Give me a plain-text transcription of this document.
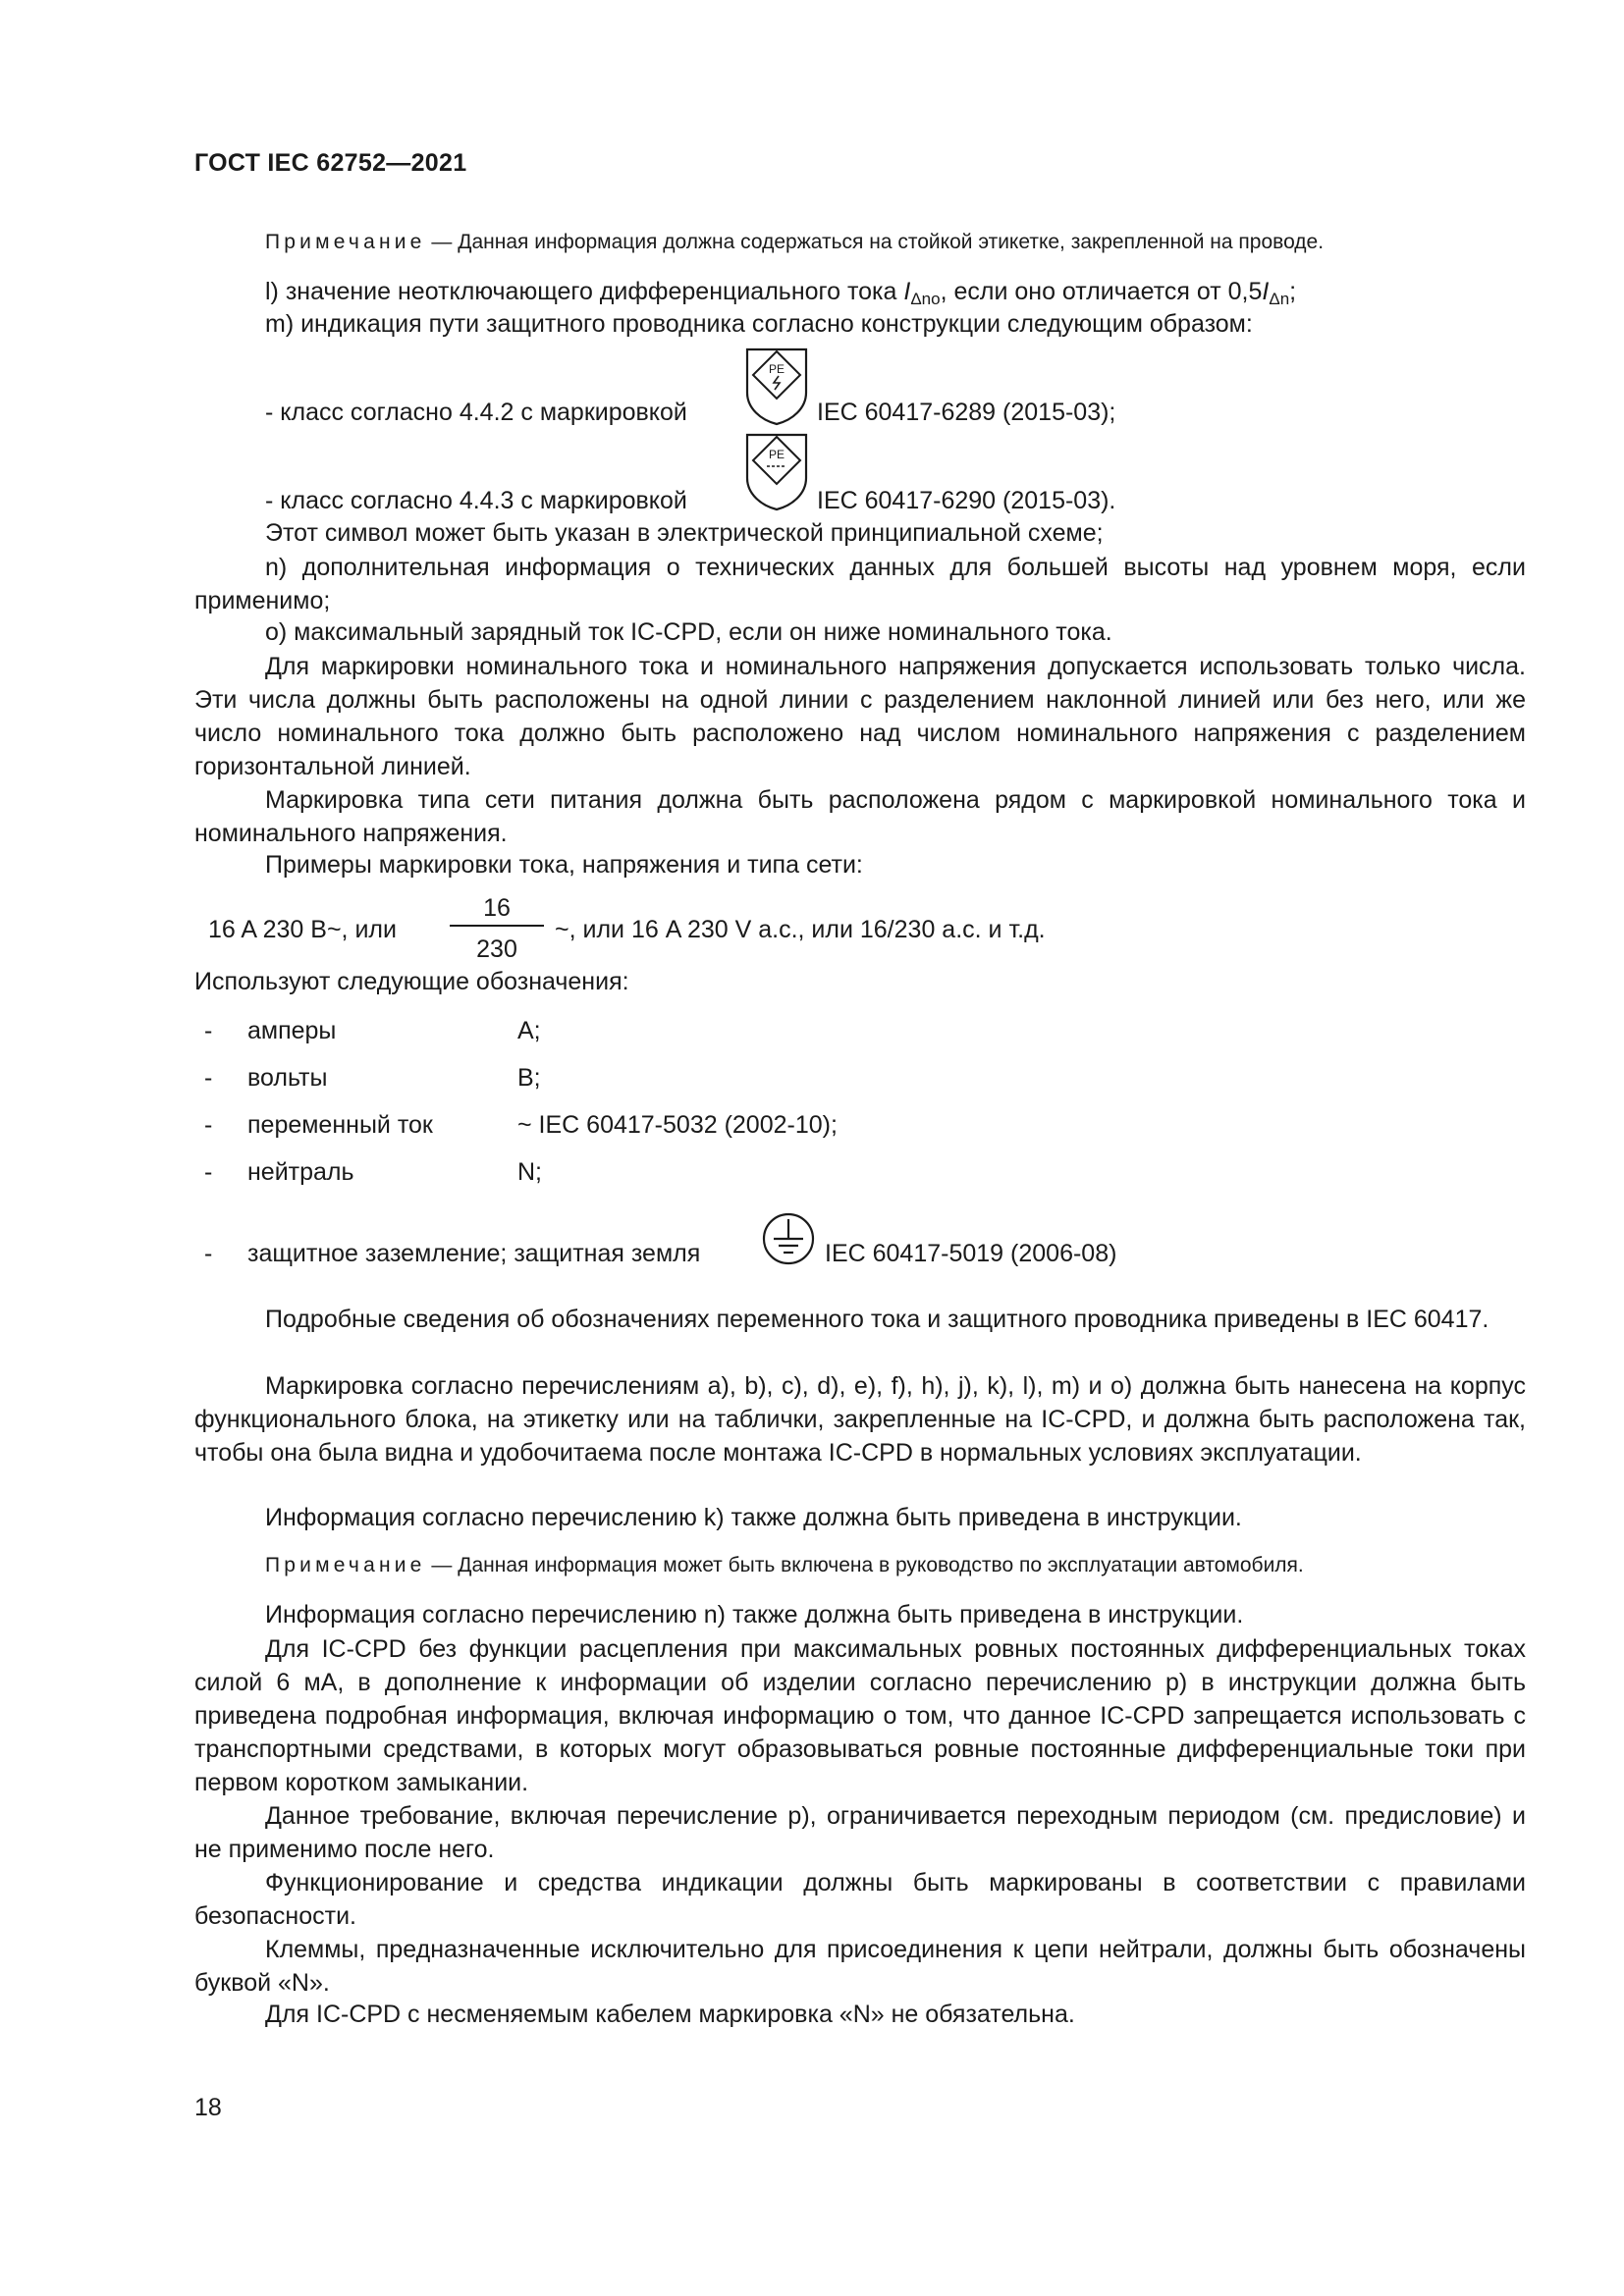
ГОСТ IEC 62752—2021
Примечание — Данная информация должна содержаться на стойкой этикетке, закрепленной на проводе.
l) значение неотключающего дифференциального тока $I_{\Delta no}$, если оно отличается от $0,5I_{\Delta n}$;
m) индикация пути защитного проводника согласно конструкции следующим образом:
- класс согласно 4.4.2 с маркировкой
PE
IEC 60417-6289 (2015-03);
- класс согласно 4.4.3 с маркировкой
PE
IEC 60417-6290 (2015-03).
Этот символ может быть указан в электрической принципиальной схеме;
n) дополнительная информация о технических данных для большей высоты над уровнем моря, если применимо;
o) максимальный зарядный ток IC-CPD, если он ниже номинального тока.
Для маркировки номинального тока и номинального напряжения допускается использовать только числа. Эти числа должны быть расположены на одной линии с разделением наклонной линией или без него, или же число номинального тока должно быть расположено над числом номинального напряжения с разделением горизонтальной линией.
Маркировка типа сети питания должна быть расположена рядом с маркировкой номинального тока и номинального напряжения.
Примеры маркировки тока, напряжения и типа сети:
16 A 230 B~, или
16
230
~, или 16 A 230 V a.c., или 16/230 a.c. и т.д.
Используют следующие обозначения:
- амперы	A;
- вольты	B;
- переменный ток	~ IEC 60417-5032 (2002-10);
- нейтраль	N;
- защитное заземление; защитная земля	IEC 60417-5019 (2006-08)
Подробные сведения об обозначениях переменного тока и защитного проводника приведены в IEC 60417.
Маркировка согласно перечислениям a), b), c), d), e), f), h), j), k), l), m) и о) должна быть нанесена на корпус функционального блока, на этикетку или на таблички, закрепленные на IC-CPD, и должна быть расположена так, чтобы она была видна и удобочитаема после монтажа IC-CPD в нормальных условиях эксплуатации.
Информация согласно перечислению k) также должна быть приведена в инструкции.
Примечание — Данная информация может быть включена в руководство по эксплуатации автомобиля.
Информация согласно перечислению n) также должна быть приведена в инструкции.
Для IC-CPD без функции расцепления при максимальных ровных постоянных дифференциальных токах силой 6 мА, в дополнение к информации об изделии согласно перечислению p) в инструкции должна быть приведена подробная информация, включая информацию о том, что данное IC-CPD запрещается использовать с транспортными средствами, в которых могут образовываться ровные постоянные дифференциальные токи при первом коротком замыкании.
Данное требование, включая перечисление p), ограничивается переходным периодом (см. предисловие) и не применимо после него.
Функционирование и средства индикации должны быть маркированы в соответствии с правилами безопасности.
Клеммы, предназначенные исключительно для присоединения к цепи нейтрали, должны быть обозначены буквой «N».
Для IC-CPD с несменяемым кабелем маркировка «N» не обязательна.
18
